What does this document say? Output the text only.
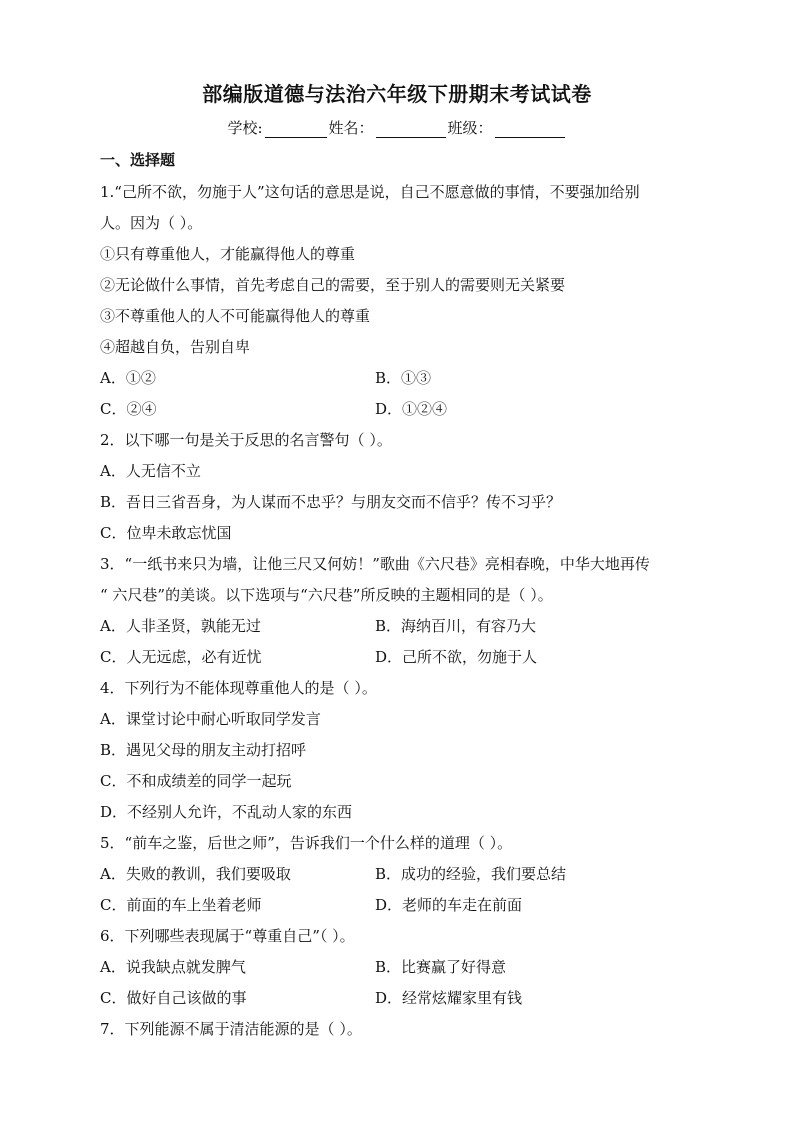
部编版道德与法治六年级下册期末考试试卷
学校:	姓名：	班级：
一、选择题
1.“己所不欲，勿施于人”这句话的意思是说，自己不愿意做的事情，不要强加给别
人。因为（ ）。
①只有尊重他人，才能赢得他人的尊重
②无论做什么事情，首先考虑自己的需要，至于别人的需要则无关紧要
③不尊重他人的人不可能赢得他人的尊重
④超越自负，告别自卑
A．①②	B．①③
C．②④	D．①②④
2．以下哪一句是关于反思的名言警句（ ）。
A．人无信不立
B．吾日三省吾身，为人谋而不忠乎？与朋友交而不信乎？传不习乎？
C．位卑未敢忘忧国
3．“一纸书来只为墙，让他三尺又何妨！”歌曲《六尺巷》亮相春晚，中华大地再传
“ 六尺巷”的美谈。以下选项与“六尺巷”所反映的主题相同的是（ ）。
A．人非圣贤，孰能无过	B．海纳百川，有容乃大
C．人无远虑，必有近忧	D．己所不欲，勿施于人
4．下列行为不能体现尊重他人的是（ ）。
A．课堂讨论中耐心听取同学发言
B．遇见父母的朋友主动打招呼
C．不和成绩差的同学一起玩
D．不经别人允许，不乱动人家的东西
5．“前车之鉴，后世之师”，告诉我们一个什么样的道理（ ）。
A．失败的教训，我们要吸取	B．成功的经验，我们要总结
C．前面的车上坐着老师	D．老师的车走在前面
6．下列哪些表现属于“尊重自己”（ ）。
A．说我缺点就发脾气	B．比赛赢了好得意
C．做好自己该做的事	D．经常炫耀家里有钱
7．下列能源不属于清洁能源的是（ ）。
